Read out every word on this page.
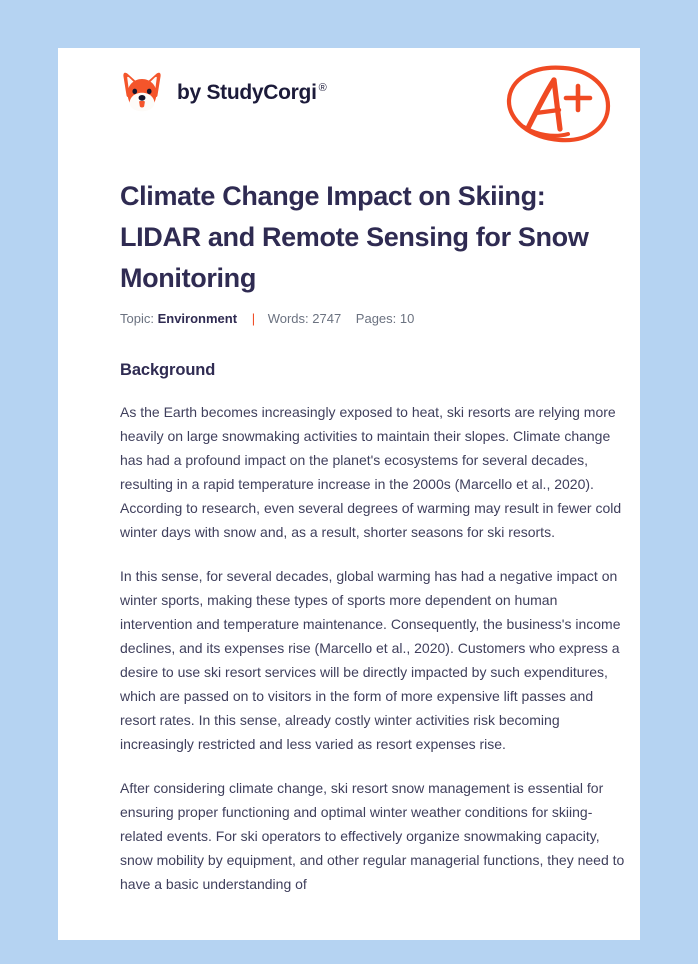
by StudyCorgi ®
Climate Change Impact on Skiing: LIDAR and Remote Sensing for Snow Monitoring
Topic: Environment | Words: 2747 Pages: 10
Background

As the Earth becomes increasingly exposed to heat, ski resorts are relying more heavily on large snowmaking activities to maintain their slopes. Climate change has had a profound impact on the planet's ecosystems for several decades, resulting in a rapid temperature increase in the 2000s (Marcello et al., 2020). According to research, even several degrees of warming may result in fewer cold winter days with snow and, as a result, shorter seasons for ski resorts.

In this sense, for several decades, global warming has had a negative impact on winter sports, making these types of sports more dependent on human intervention and temperature maintenance. Consequently, the business's income declines, and its expenses rise (Marcello et al., 2020). Customers who express a desire to use ski resort services will be directly impacted by such expenditures, which are passed on to visitors in the form of more expensive lift passes and resort rates. In this sense, already costly winter activities risk becoming increasingly restricted and less varied as resort expenses rise.

After considering climate change, ski resort snow management is essential for ensuring proper functioning and optimal winter weather conditions for skiing-related events. For ski operators to effectively organize snowmaking capacity, snow mobility by equipment, and other regular managerial functions, they need to have a basic understanding of
